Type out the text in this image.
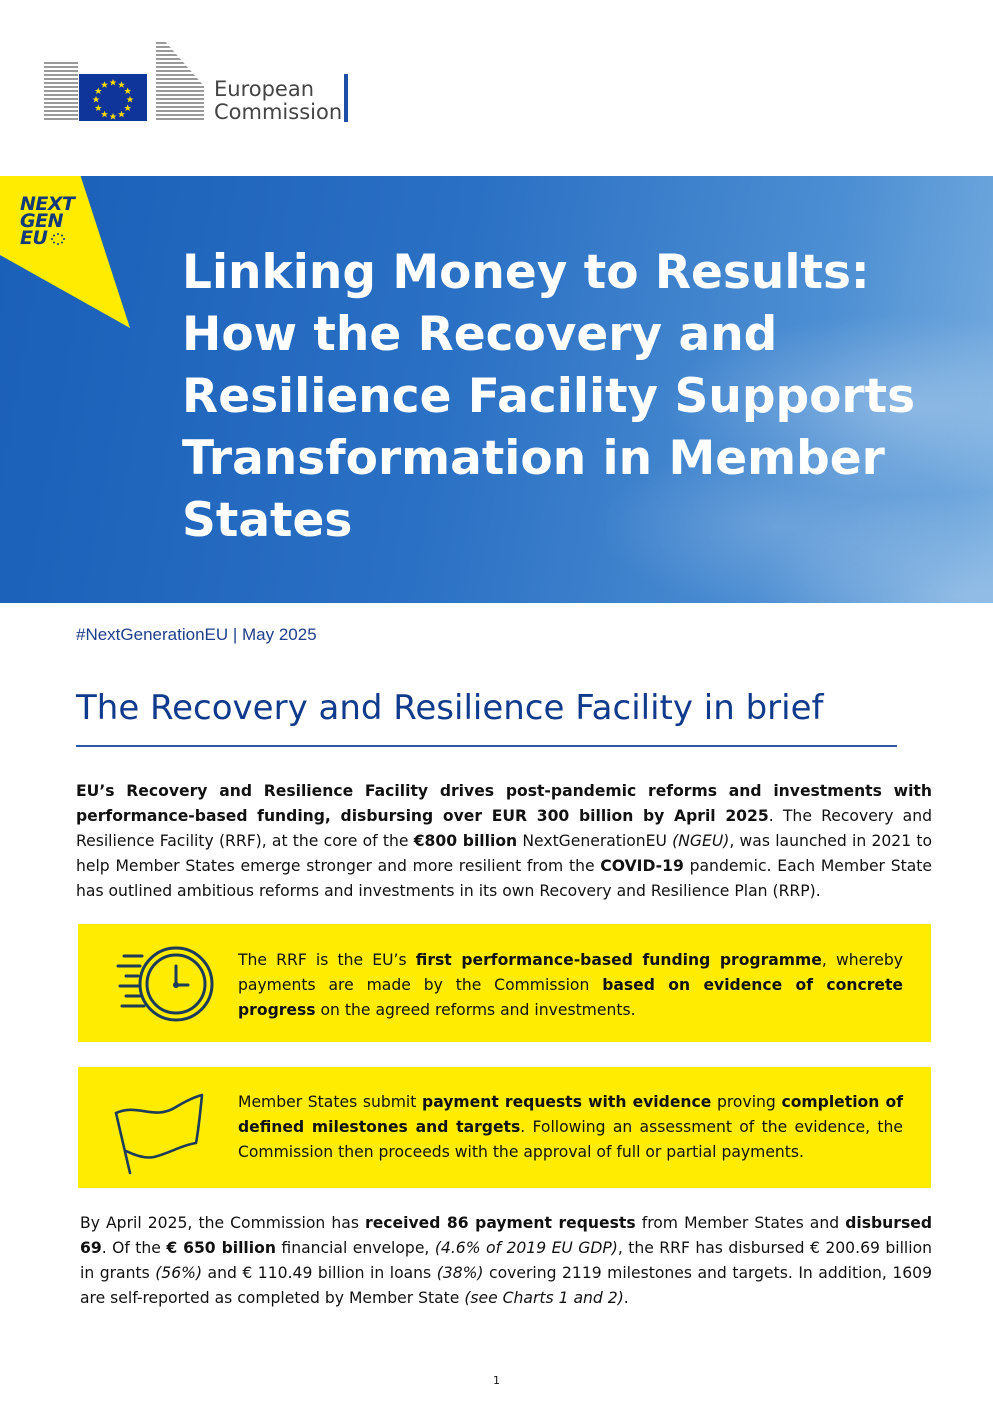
European
Commission
NEXT
GEN
EU
Linking Money to Results:
How the Recovery and
Resilience Facility Supports
Transformation in Member
States
#NextGenerationEU | May 2025
The Recovery and Resilience Facility in brief

EU’s Recovery and Resilience Facility drives post-pandemic reforms and investments with performance-based funding, disbursing over EUR 300 billion by April 2025. The Recovery and Resilience Facility (RRF), at the core of the €800 billion NextGenerationEU (NGEU), was launched in 2021 to help Member States emerge stronger and more resilient from the COVID-19 pandemic. Each Member State has outlined ambitious reforms and investments in its own Recovery and Resilience Plan (RRP).

The RRF is the EU’s first performance-based funding programme, whereby payments are made by the Commission based on evidence of concrete progress on the agreed reforms and investments.

Member States submit payment requests with evidence proving completion of defined milestones and targets. Following an assessment of the evidence, the Commission then proceeds with the approval of full or partial payments.

By April 2025, the Commission has received 86 payment requests from Member States and disbursed 69. Of the € 650 billion financial envelope, (4.6% of 2019 EU GDP), the RRF has disbursed € 200.69 billion in grants (56%) and € 110.49 billion in loans (38%) covering 2119 milestones and targets. In addition, 1609 are self-reported as completed by Member State (see Charts 1 and 2).

1
